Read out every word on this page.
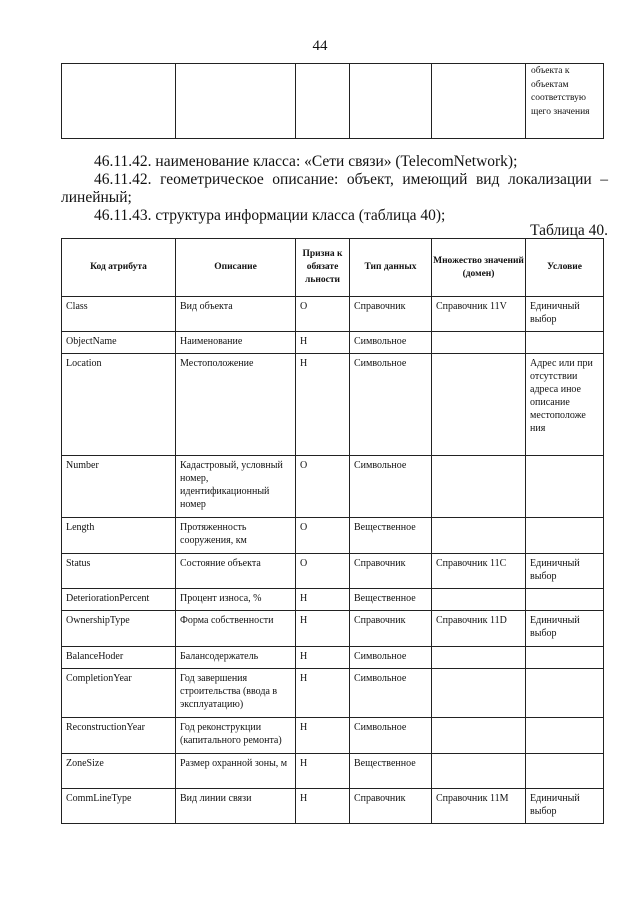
44

объекта к объектам соответствую щего значения
46.11.42. наименование класса: «Сети связи» (TelecomNetwork);
46.11.42. геометрическое описание: объект, имеющий вид локализации –
линейный;
46.11.43. структура информации класса (таблица 40);
Таблица 40.
Код атрибута	Описание	Призна к обязате льности	Тип данных	Множество значений (домен)	Условие
Class	Вид объекта	О	Справочник	Справочник 11V	Единичный выбор
ObjectName	Наименование	Н	Символьное		
Location	Местоположение	Н	Символьное		Адрес или при отсутствии адреса иное описание местоположе ния
Number	Кадастровый, условный номер, идентификационный номер	О	Символьное		
Length	Протяженность сооружения, км	О	Вещественное		
Status	Состояние объекта	О	Справочник	Справочник 11C	Единичный выбор
DeteriorationPercent	Процент износа, %	Н	Вещественное		
OwnershipType	Форма собственности	Н	Справочник	Справочник 11D	Единичный выбор
BalanceHoder	Балансодержатель	Н	Символьное		
CompletionYear	Год завершения строительства (ввода в эксплуатацию)	Н	Символьное		
ReconstructionYear	Год реконструкции (капитального ремонта)	Н	Символьное		
ZoneSize	Размер охранной зоны, м	Н	Вещественное		
CommLineType	Вид линии связи	Н	Справочник	Справочник 11M	Единичный выбор
